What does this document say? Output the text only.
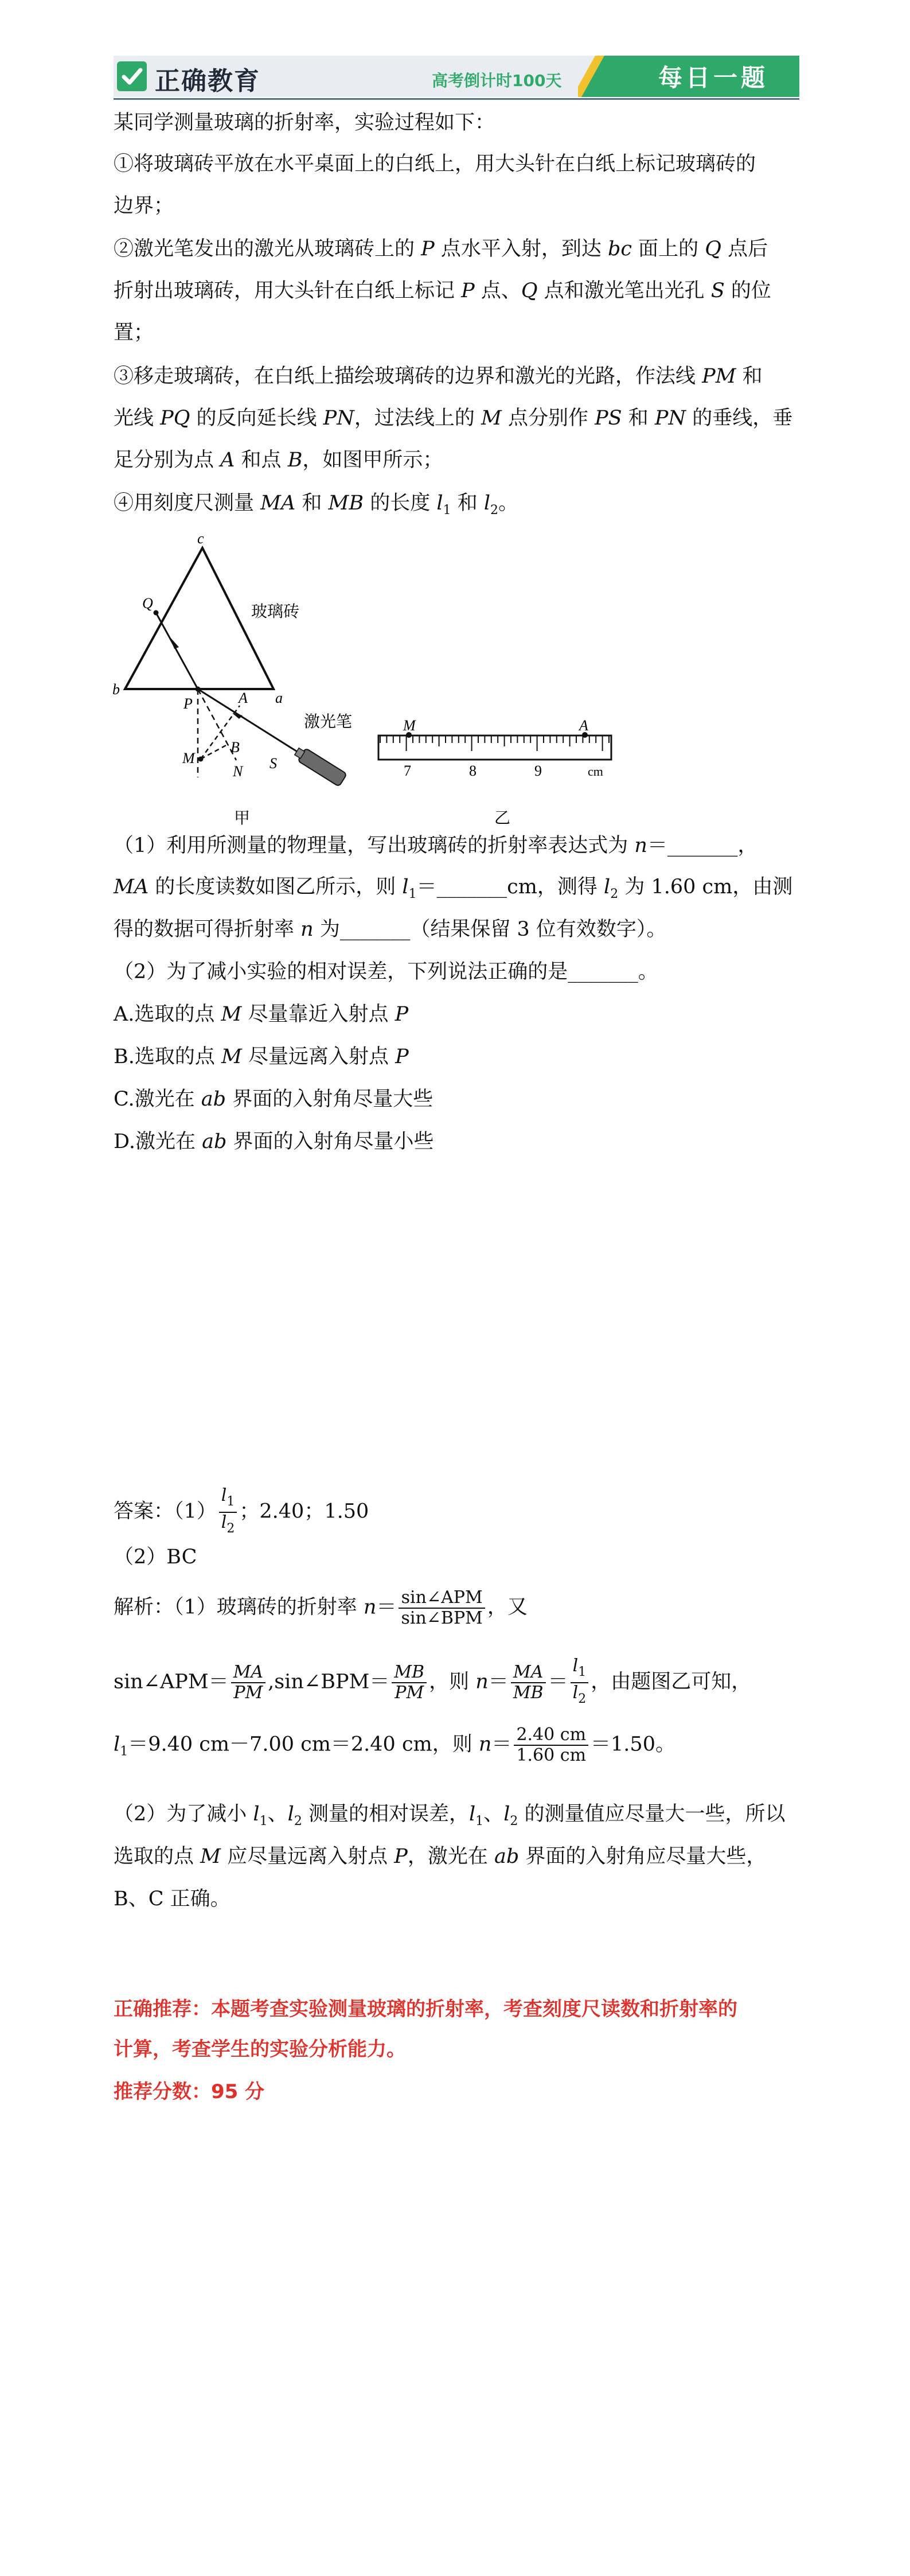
正确教育	高考倒计时100天	每日一题
某同学测量玻璃的折射率，实验过程如下：
①将玻璃砖平放在水平桌面上的白纸上，用大头针在白纸上标记玻璃砖的
边界；
②激光笔发出的激光从玻璃砖上的 P 点水平入射，到达 bc 面上的 Q 点后
折射出玻璃砖，用大头针在白纸上标记 P 点、Q 点和激光笔出光孔 S 的位
置；
③移走玻璃砖，在白纸上描绘玻璃砖的边界和激光的光路，作法线 PM 和
光线 PQ 的反向延长线 PN，过法线上的 M 点分别作 PS 和 PN 的垂线，垂
足分别为点 A 和点 B，如图甲所示；
④用刻度尺测量 MA 和 MB 的长度 $l_1$ 和 $l_2$。
c
Q
b
P	A a
M
B
N S
玻璃砖
激光笔
甲
M	A
7	8	9	cm
乙
（1）利用所测量的物理量，写出玻璃砖的折射率表达式为 n＝_______，
MA 的长度读数如图乙所示，则 $l_1=\_\_\_\_\_\_\_cm$，测得 $l_2$ 为 1.60 cm，由测
得的数据可得折射率 n 为_______（结果保留 3 位有效数字）。
（2）为了减小实验的相对误差，下列说法正确的是_______。
A.选取的点 M 尽量靠近入射点 P
B.选取的点 M 尽量远离入射点 P
C.激光在 ab 界面的入射角尽量大些
D.激光在 ab 界面的入射角尽量小些
答案：$(1) \frac{l_1}{l_2}$ ；2.40；1.50
（2）BC
解析：（1）玻璃砖的折射率 $n= \frac{\text{sin∠APM}}{\text{sin∠BPM}}$ ，又
sin∠APM＝ $\frac{MA}{PM}$ ,sin∠BPM＝ $\frac{MB}{PM}$ ，则 $n= \frac{MA}{MB} = \frac{l_1}{l_2}$ ，由题图乙可知，
$l_1=9.40$ cm－7.00 cm＝2.40 cm，则 $n= \frac{2.40 cm}{1.60 cm} =1.50$。
（2）为了减小 $l_1$、$l_2$ 测量的相对误差，$l_1$、$l_2$ 的测量值应尽量大一些，所以
选取的点 M 应尽量远离入射点 P，激光在 ab 界面的入射角应尽量大些，
B、C 正确。
正确推荐：本题考查实验测量玻璃的折射率，考查刻度尺读数和折射率的
计算，考查学生的实验分析能力。
推荐分数：95 分
